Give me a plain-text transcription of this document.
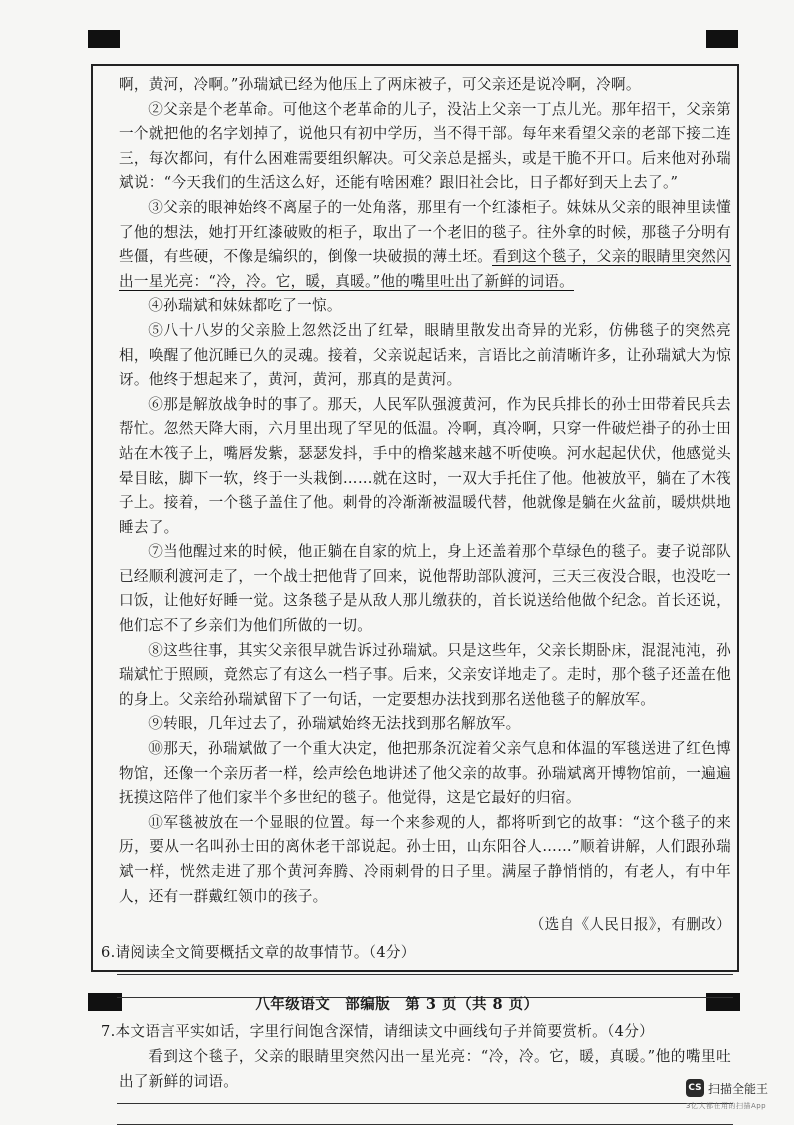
啊，黄河，冷啊。”孙瑞斌已经为他压上了两床被子，可父亲还是说冷啊，冷啊。

②父亲是个老革命。可他这个老革命的儿子，没沾上父亲一丁点儿光。那年招干，父亲第一个就把他的名字划掉了，说他只有初中学历，当不得干部。每年来看望父亲的老部下接二连三，每次都问，有什么困难需要组织解决。可父亲总是摇头，或是干脆不开口。后来他对孙瑞斌说：“今天我们的生活这么好，还能有啥困难？跟旧社会比，日子都好到天上去了。”

③父亲的眼神始终不离屋子的一处角落，那里有一个红漆柜子。妹妹从父亲的眼神里读懂了他的想法，她打开红漆破败的柜子，取出了一个老旧的毯子。往外拿的时候，那毯子分明有些僵，有些硬，不像是编织的，倒像一块破损的薄土坯。看到这个毯子，父亲的眼睛里突然闪出一星光亮：“冷，冷。它，暖，真暖。”他的嘴里吐出了新鲜的词语。

④孙瑞斌和妹妹都吃了一惊。

⑤八十八岁的父亲脸上忽然泛出了红晕，眼睛里散发出奇异的光彩，仿佛毯子的突然亮相，唤醒了他沉睡已久的灵魂。接着，父亲说起话来，言语比之前清晰许多，让孙瑞斌大为惊讶。他终于想起来了，黄河，黄河，那真的是黄河。

⑥那是解放战争时的事了。那天，人民军队强渡黄河，作为民兵排长的孙士田带着民兵去帮忙。忽然天降大雨，六月里出现了罕见的低温。冷啊，真冷啊，只穿一件破烂褂子的孙士田站在木筏子上，嘴唇发紫，瑟瑟发抖，手中的橹桨越来越不听使唤。河水起起伏伏，他感觉头晕目眩，脚下一软，终于一头栽倒……就在这时，一双大手托住了他。他被放平，躺在了木筏子上。接着，一个毯子盖住了他。刺骨的冷渐渐被温暖代替，他就像是躺在火盆前，暖烘烘地睡去了。

⑦当他醒过来的时候，他正躺在自家的炕上，身上还盖着那个草绿色的毯子。妻子说部队已经顺利渡河走了，一个战士把他背了回来，说他帮助部队渡河，三天三夜没合眼，也没吃一口饭，让他好好睡一觉。这条毯子是从敌人那儿缴获的，首长说送给他做个纪念。首长还说，他们忘不了乡亲们为他们所做的一切。

⑧这些往事，其实父亲很早就告诉过孙瑞斌。只是这些年，父亲长期卧床，混混沌沌，孙瑞斌忙于照顾，竟然忘了有这么一档子事。后来，父亲安详地走了。走时，那个毯子还盖在他的身上。父亲给孙瑞斌留下了一句话，一定要想办法找到那名送他毯子的解放军。

⑨转眼，几年过去了，孙瑞斌始终无法找到那名解放军。

⑩那天，孙瑞斌做了一个重大决定，他把那条沉淀着父亲气息和体温的军毯送进了红色博物馆，还像一个亲历者一样，绘声绘色地讲述了他父亲的故事。孙瑞斌离开博物馆前，一遍遍抚摸这陪伴了他们家半个多世纪的毯子。他觉得，这是它最好的归宿。

⑪军毯被放在一个显眼的位置。每一个来参观的人，都将听到它的故事：“这个毯子的来历，要从一名叫孙士田的离休老干部说起。孙士田，山东阳谷人……”顺着讲解，人们跟孙瑞斌一样，恍然走进了那个黄河奔腾、冷雨刺骨的日子里。满屋子静悄悄的，有老人，有中年人，还有一群戴红领巾的孩子。

（选自《人民日报》，有删改）

6.请阅读全文简要概括文章的故事情节。（4分）

7.本文语言平实如话，字里行间饱含深情，请细读文中画线句子并简要赏析。（4分）

看到这个毯子，父亲的眼睛里突然闪出一星光亮：“冷，冷。它，暖，真暖。”他的嘴里吐出了新鲜的词语。

八年级语文　部编版　第 3 页（共 8 页）
CS 扫描全能王
3亿人都在用的扫描App
